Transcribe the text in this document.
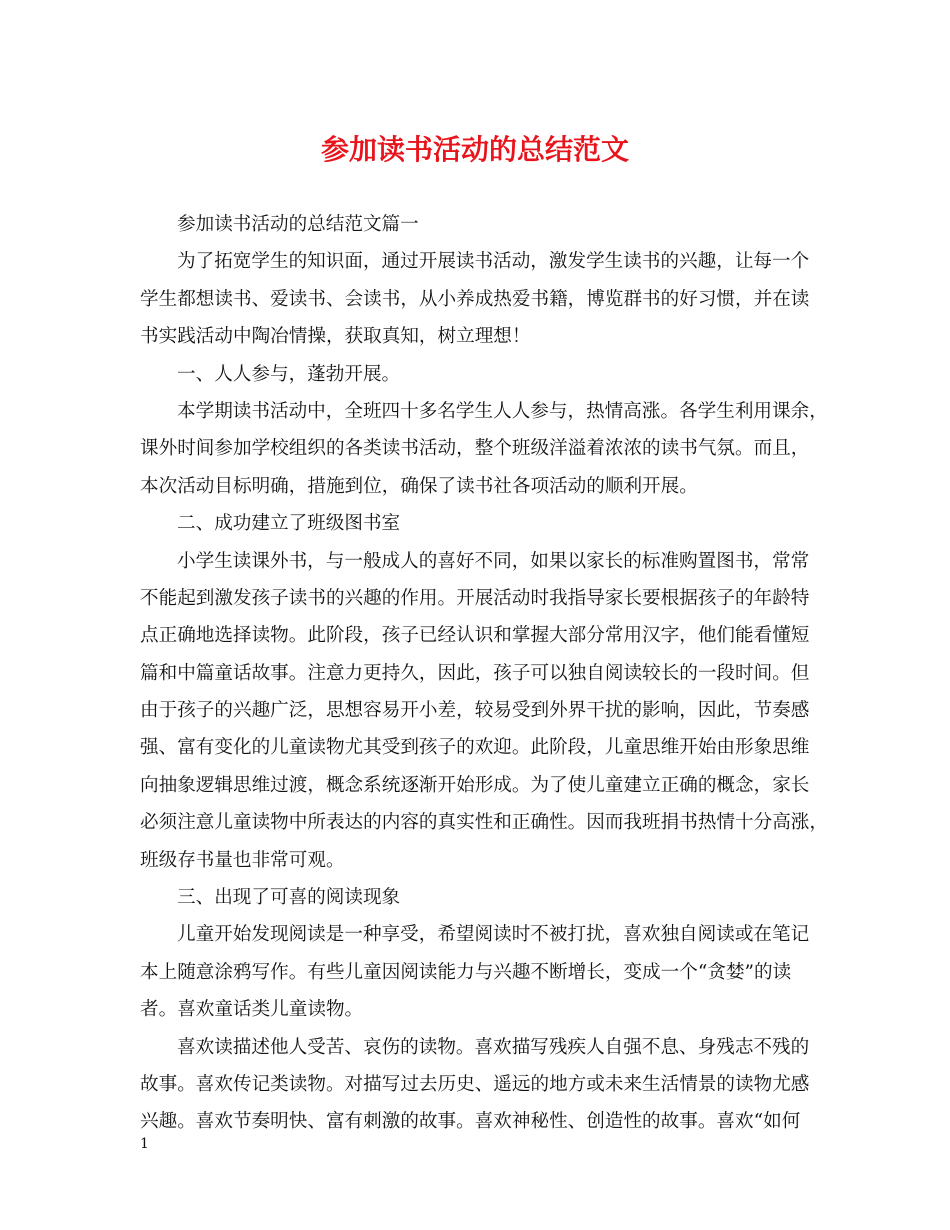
参加读书活动的总结范文
参加读书活动的总结范文篇一
为了拓宽学生的知识面，通过开展读书活动，激发学生读书的兴趣，让每一个
学生都想读书、爱读书、会读书，从小养成热爱书籍，博览群书的好习惯，并在读
书实践活动中陶冶情操，获取真知，树立理想！
一、人人参与，蓬勃开展。
本学期读书活动中，全班四十多名学生人人参与，热情高涨。各学生利用课余，
课外时间参加学校组织的各类读书活动，整个班级洋溢着浓浓的读书气氛。而且，
本次活动目标明确，措施到位，确保了读书社各项活动的顺利开展。
二、成功建立了班级图书室
小学生读课外书，与一般成人的喜好不同，如果以家长的标准购置图书，常常
不能起到激发孩子读书的兴趣的作用。开展活动时我指导家长要根据孩子的年龄特
点正确地选择读物。此阶段，孩子已经认识和掌握大部分常用汉字，他们能看懂短
篇和中篇童话故事。注意力更持久，因此，孩子可以独自阅读较长的一段时间。但
由于孩子的兴趣广泛，思想容易开小差，较易受到外界干扰的影响，因此，节奏感
强、富有变化的儿童读物尤其受到孩子的欢迎。此阶段，儿童思维开始由形象思维
向抽象逻辑思维过渡，概念系统逐渐开始形成。为了使儿童建立正确的概念，家长
必须注意儿童读物中所表达的内容的真实性和正确性。因而我班捐书热情十分高涨，
班级存书量也非常可观。
三、出现了可喜的阅读现象
儿童开始发现阅读是一种享受，希望阅读时不被打扰，喜欢独自阅读或在笔记
本上随意涂鸦写作。有些儿童因阅读能力与兴趣不断增长，变成一个“贪婪”的读
者。喜欢童话类儿童读物。
喜欢读描述他人受苦、哀伤的读物。喜欢描写残疾人自强不息、身残志不残的
故事。喜欢传记类读物。对描写过去历史、遥远的地方或未来生活情景的读物尤感
兴趣。喜欢节奏明快、富有刺激的故事。喜欢神秘性、创造性的故事。喜欢“如何
1
